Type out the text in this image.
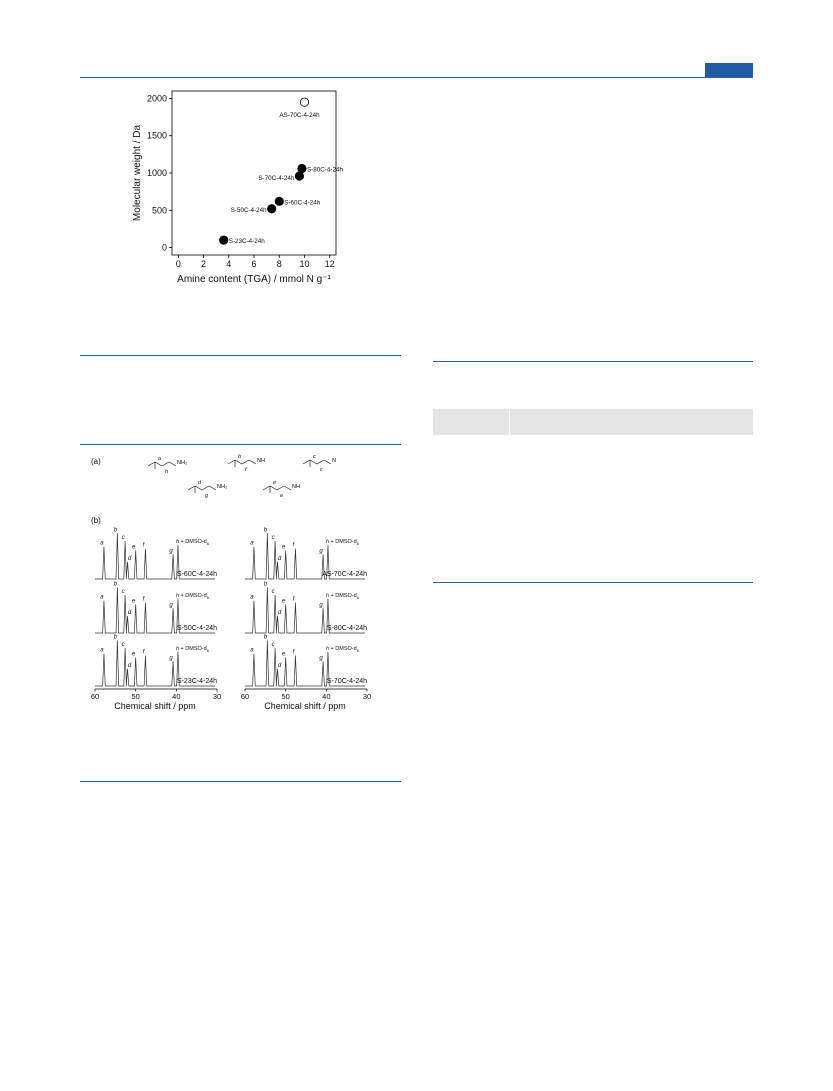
0 2 4 6 8 10 12
0
500
1000
1500
2000
S-23C-4-24h
S-50C-4-24h
S-60C-4-24h
S-70C-4-24h
S-80C-4-24h
AS-70C-4-24h
Amine content (TGA) / mmol N g⁻¹
Molecular weight / Da
(a)
(b)
a
h
NH₂
b
f
NH
c
c
N
d
g
NH₂
e
e
NH
a
b
c
d
e f
g
h + DMSO-$d_6$
S-60C-4-24h
a
b
c
d
e f
g
h + DMSO-$d_6$
S-50C-4-24h
a
b
c
d
e f
g
h + DMSO-$d_6$
S-23C-4-24h
60	50	40	30
a
b
c
d
e f
g
h + DMSO-$d_6$
AS-70C-4-24h
a
b
c
d
e f
g
h + DMSO-$d_6$
S-80C-4-24h
a
b
c
d
e f
g
h + DMSO-$d_6$
S-70C-4-24h
60	50	40	30
Chemical shift / ppm	Chemical shift / ppm
